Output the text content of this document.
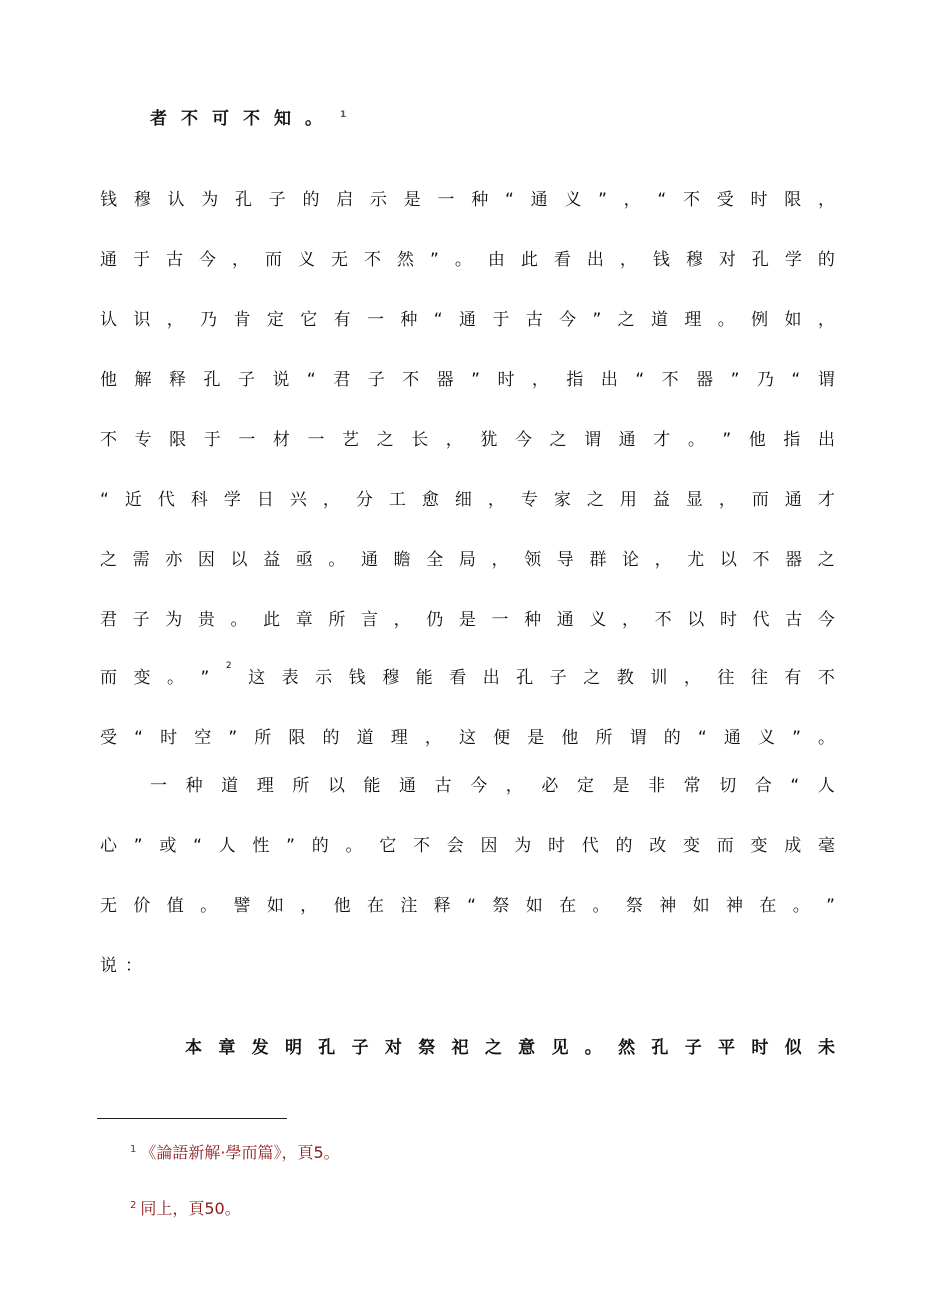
者不可不知。 $^1$
钱 穆 认 为 孔 子 的 启 示 是 一 种 “ 通 义 ” ， “ 不 受 时 限 ，
通 于 古 今 ， 而 义 无 不 然 ” 。 由 此 看 出 ， 钱 穆 对 孔 学 的
认 识 ， 乃 肯 定 它 有 一 种 “ 通 于 古 今 ” 之 道 理 。 例 如 ，
他 解 释 孔 子 说 “ 君 子 不 器 ” 时 ， 指 出 “ 不 器 ” 乃 “ 谓
不 专 限 于 一 材 一 艺 之 长 ， 犹 今 之 谓 通 才 。 ” 他 指 出
“ 近 代 科 学 日 兴 ， 分 工 愈 细 ， 专 家 之 用 益 显 ， 而 通 才
之 需 亦 因 以 益 亟 。 通 瞻 全 局 ， 领 导 群 论 ， 尤 以 不 器 之
君 子 为 贵 。 此 章 所 言 ， 仍 是 一 种 通 义 ， 不 以 时 代 古 今
而 变 。 ”
2
这 表 示 钱 穆 能 看 出 孔 子 之 教 训 ， 往 往 有 不
受 “ 时 空 ” 所 限 的 道 理 ， 这 便 是 他 所 谓 的 “ 通 义 ” 。
一 种 道 理 所 以 能 通 古 今 ， 必 定 是 非 常 切 合 “ 人
心 ” 或 “ 人 性 ” 的 。 它 不 会 因 为 时 代 的 改 变 而 变 成 毫
无 价 值 。 譬 如 ， 他 在 注 释 “ 祭 如 在 。 祭 神 如 神 在 。 ”
说 ：
本 章 发 明 孔 子 对 祭 祀 之 意 见 。 然 孔 子 平 时 似 未
$^1$ 《論語新解·學而篇》，頁5。
$^2$ 同上，頁50。
